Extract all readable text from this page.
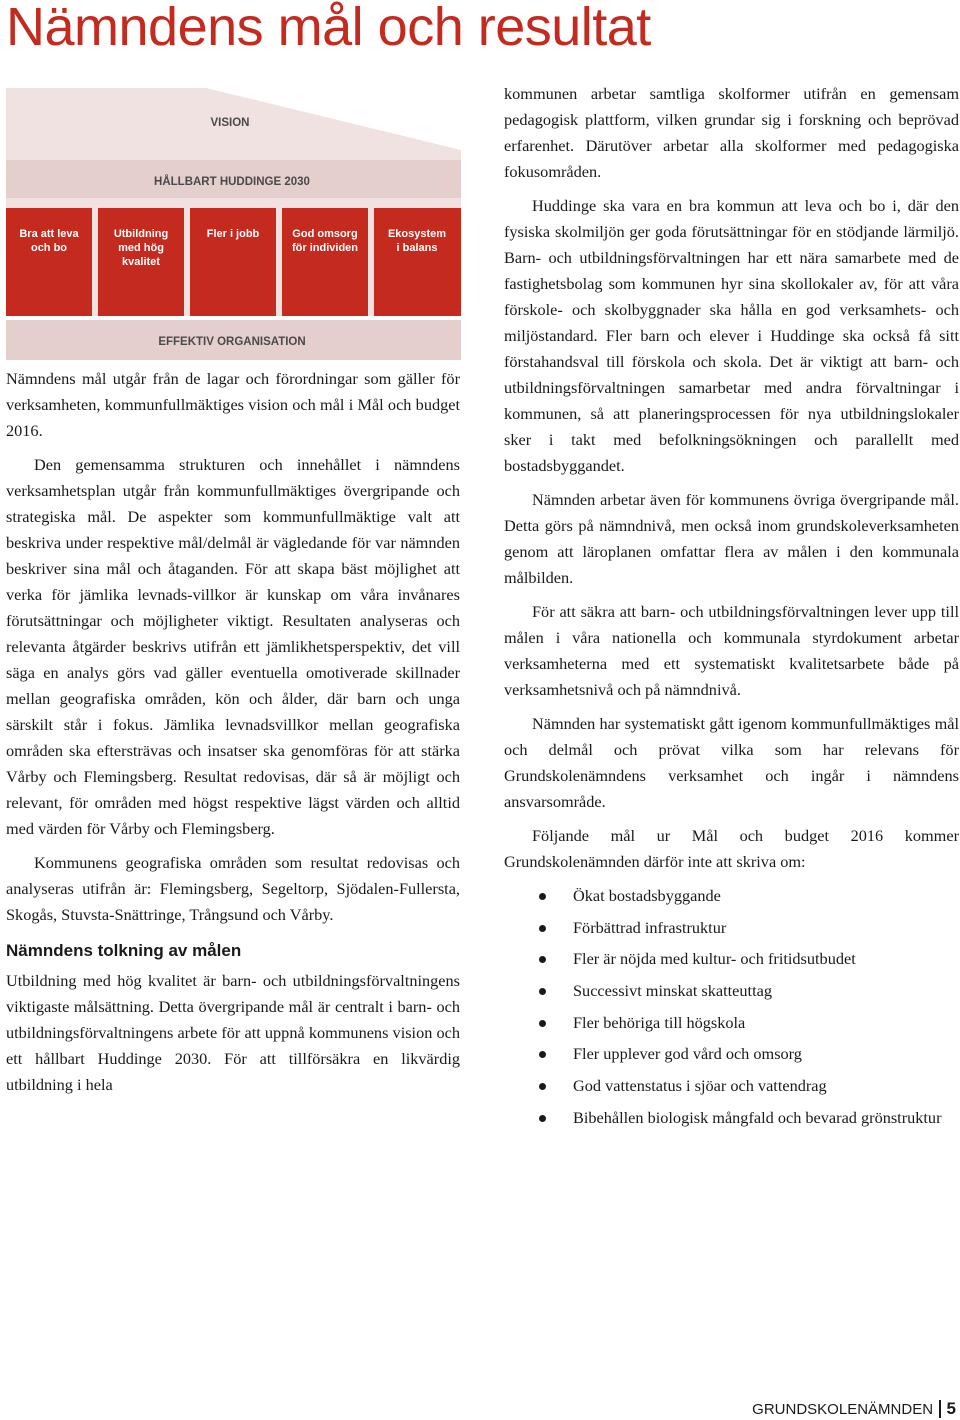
Nämndens mål och resultat
VISION
HÅLLBART HUDDINGE 2030
Bra att leva
och bo
Utbildning
med hög
kvalitet
Fler i jobb	God omsorg
för individen
Ekosystem
i balans
EFFEKTIV ORGANISATION

Nämndens mål utgår från de lagar och förordningar som gäller för verksamheten, kommunfullmäktiges vision och mål i Mål och budget 2016.

Den gemensamma strukturen och innehållet i nämndens verksamhetsplan utgår från kommunfullmäktiges övergripande och strategiska mål. De aspekter som kommunfullmäktige valt att beskriva under respektive mål/delmål är vägledande för var nämnden beskriver sina mål och åtaganden. För att skapa bäst möjlighet att verka för jämlika levnads-villkor är kunskap om våra invånares förutsättningar och möjligheter viktigt. Resultaten analyseras och relevanta åtgärder beskrivs utifrån ett jämlikhetsperspektiv, det vill säga en analys görs vad gäller eventuella omotiverade skillnader mellan geografiska områden, kön och ålder, där barn och unga särskilt står i fokus. Jämlika levnadsvillkor mellan geografiska områden ska eftersträvas och insatser ska genomföras för att stärka Vårby och Flemingsberg. Resultat redovisas, där så är möjligt och relevant, för områden med högst respektive lägst värden och alltid med värden för Vårby och Flemingsberg.

Kommunens geografiska områden som resultat redovisas och analyseras utifrån är: Flemingsberg, Segeltorp, Sjödalen-Fullersta, Skogås, Stuvsta-Snättringe, Trångsund och Vårby.

Nämndens tolkning av målen

Utbildning med hög kvalitet är barn- och utbildningsförvaltningens viktigaste målsättning. Detta övergripande mål är centralt i barn- och utbildningsförvaltningens arbete för att uppnå kommunens vision och ett hållbart Huddinge 2030. För att tillförsäkra en likvärdig utbildning i hela

kommunen arbetar samtliga skolformer utifrån en gemensam pedagogisk plattform, vilken grundar sig i forskning och beprövad erfarenhet. Därutöver arbetar alla skolformer med pedagogiska fokusområden.

Huddinge ska vara en bra kommun att leva och bo i, där den fysiska skolmiljön ger goda förutsättningar för en stödjande lärmiljö. Barn- och utbildningsförvaltningen har ett nära samarbete med de fastighetsbolag som kommunen hyr sina skollokaler av, för att våra förskole- och skolbyggnader ska hålla en god verksamhets- och miljöstandard. Fler barn och elever i Huddinge ska också få sitt förstahandsval till förskola och skola. Det är viktigt att barn- och utbildningsförvaltningen samarbetar med andra förvaltningar i kommunen, så att planeringsprocessen för nya utbildningslokaler sker i takt med befolkningsökningen och parallellt med bostadsbyggandet.

Nämnden arbetar även för kommunens övriga övergripande mål. Detta görs på nämndnivå, men också inom grundskoleverksamheten genom att läroplanen omfattar flera av målen i den kommunala målbilden.

För att säkra att barn- och utbildningsförvaltningen lever upp till målen i våra nationella och kommunala styrdokument arbetar verksamheterna med ett systematiskt kvalitetsarbete både på verksamhetsnivå och på nämndnivå.

Nämnden har systematiskt gått igenom kommunfullmäktiges mål och delmål och prövat vilka som har relevans för Grundskolenämndens verksamhet och ingår i nämndens ansvarsområde.

Följande mål ur Mål och budget 2016 kommer Grundskolenämnden därför inte att skriva om:

Ökat bostadsbyggande
Förbättrad infrastruktur
Fler är nöjda med kultur- och fritidsutbudet
Successivt minskat skatteuttag
Fler behöriga till högskola
Fler upplever god vård och omsorg
God vattenstatus i sjöar och vattendrag
Bibehållen biologisk mångfald och bevarad grönstruktur
GRUNDSKOLENÄMNDEN 5
